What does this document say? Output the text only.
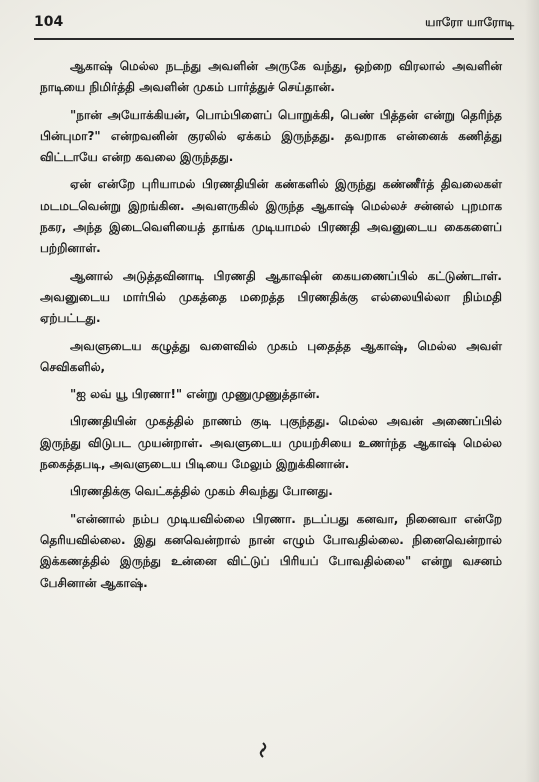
104	யாரோ யாரோடி

ஆகாஷ் மெல்ல நடந்து அவளின் அருகே வந்து, ஒற்றை விரலால் அவளின் நாடியை நிமிர்த்தி அவளின் முகம் பார்த்துச் செய்தான்.

"நான் அயோக்கியன், பொம்பிளைப் பொறுக்கி, பெண் பித்தன் என்று தெரிந்த பின்புமா?" என்றவனின் குரலில் ஏக்கம் இருந்தது. தவறாக என்னைக் கணித்து விட்டாயே என்ற கவலை இருந்தது.

ஏன் என்றே புரியாமல் பிரணதியின் கண்களில் இருந்து கண்ணீர்த் திவலைகள் மடமடவென்று இறங்கின. அவளருகில் இருந்த ஆகாஷ் மெல்லச் சன்னல் புறமாக நகர, அந்த இடைவெளியைத் தாங்க முடியாமல் பிரணதி அவனுடைய கைகளைப் பற்றினாள்.

ஆனால் அடுத்தவினாடி பிரணதி ஆகாஷின் கையணைப்பில் கட்டுண்டாள். அவனுடைய மார்பில் முகத்தை மறைத்த பிரணதிக்கு எல்லையில்லா நிம்மதி ஏற்பட்டது.

அவளுடைய கழுத்து வளைவில் முகம் புதைத்த ஆகாஷ், மெல்ல அவள் செவிகளில்,

"ஐ லவ் யூ பிரணா!" என்று முணுமுணுத்தான்.

பிரணதியின் முகத்தில் நாணம் குடி புகுந்தது. மெல்ல அவன் அணைப்பில் இருந்து விடுபட முயன்றாள். அவளுடைய முயற்சியை உணர்ந்த ஆகாஷ் மெல்ல நகைத்தபடி, அவளுடைய பிடியை மேலும் இறுக்கினான்.

பிரணதிக்கு வெட்கத்தில் முகம் சிவந்து போனது.

"என்னால் நம்ப முடியவில்லை பிரணா. நடப்பது கனவா, நினைவா என்றே தெரியவில்லை. இது கனவென்றால் நான் எழும் போவதில்லை. நினைவென்றால் இக்கணத்தில் இருந்து உன்னை விட்டுப் பிரியப் போவதில்லை" என்று வசனம் பேசினான் ஆகாஷ்.
